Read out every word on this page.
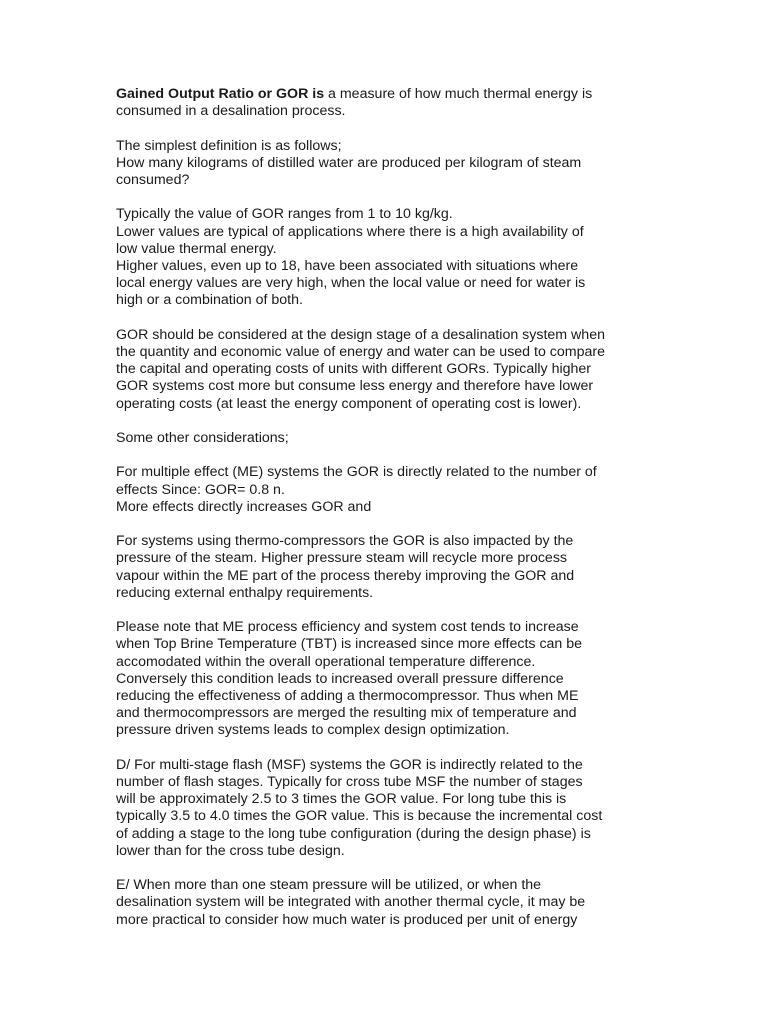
Gained Output Ratio or GOR is a measure of how much thermal energy is
consumed in a desalination process.

The simplest definition is as follows;
How many kilograms of distilled water are produced per kilogram of steam
consumed?

Typically the value of GOR ranges from 1 to 10 kg/kg.
Lower values are typical of applications where there is a high availability of
low value thermal energy.
Higher values, even up to 18, have been associated with situations where
local energy values are very high, when the local value or need for water is
high or a combination of both.

GOR should be considered at the design stage of a desalination system when
the quantity and economic value of energy and water can be used to compare
the capital and operating costs of units with different GORs. Typically higher
GOR systems cost more but consume less energy and therefore have lower
operating costs (at least the energy component of operating cost is lower).

Some other considerations;

For multiple effect (ME) systems the GOR is directly related to the number of
effects Since: GOR= 0.8 n.
More effects directly increases GOR and

For systems using thermo-compressors the GOR is also impacted by the
pressure of the steam. Higher pressure steam will recycle more process
vapour within the ME part of the process thereby improving the GOR and
reducing external enthalpy requirements.

Please note that ME process efficiency and system cost tends to increase
when Top Brine Temperature (TBT) is increased since more effects can be
accomodated within the overall operational temperature difference.
Conversely this condition leads to increased overall pressure difference
reducing the effectiveness of adding a thermocompressor. Thus when ME
and thermocompressors are merged the resulting mix of temperature and
pressure driven systems leads to complex design optimization.

D/ For multi-stage flash (MSF) systems the GOR is indirectly related to the
number of flash stages. Typically for cross tube MSF the number of stages
will be approximately 2.5 to 3 times the GOR value. For long tube this is
typically 3.5 to 4.0 times the GOR value. This is because the incremental cost
of adding a stage to the long tube configuration (during the design phase) is
lower than for the cross tube design.

E/ When more than one steam pressure will be utilized, or when the
desalination system will be integrated with another thermal cycle, it may be
more practical to consider how much water is produced per unit of energy
